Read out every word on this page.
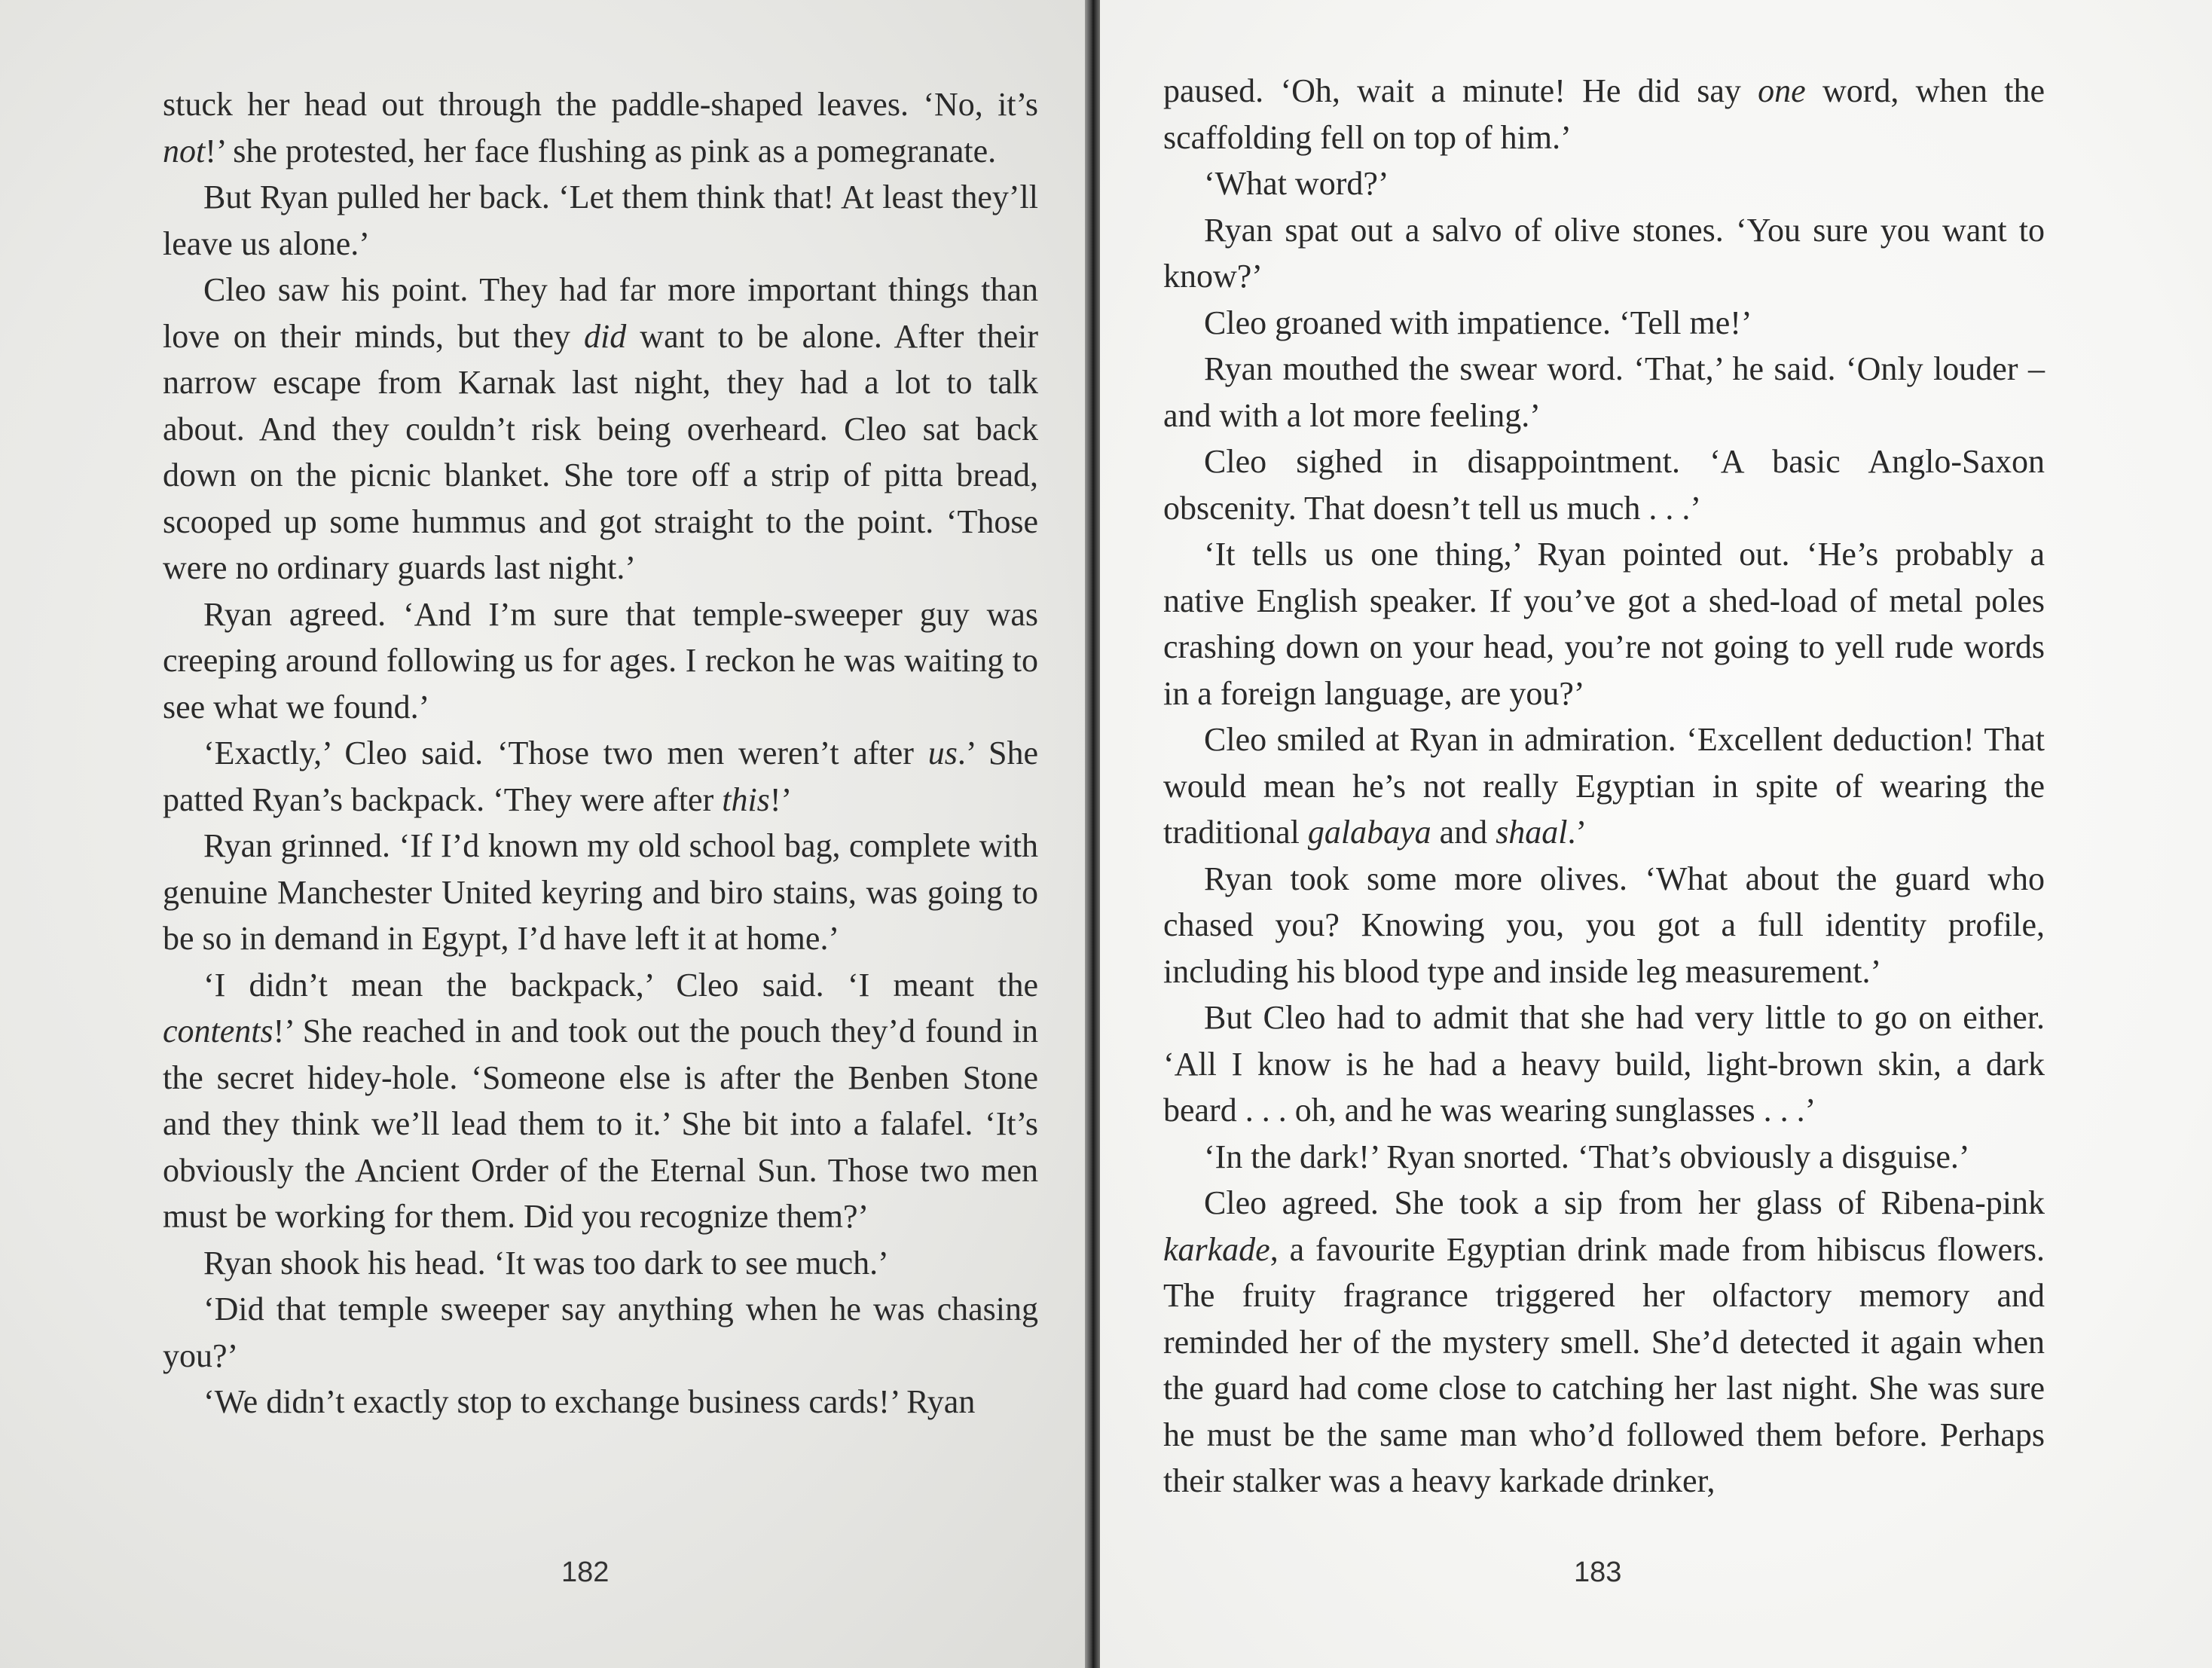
stuck her head out through the paddle-shaped leaves. ‘No, it’s not!’ she protested, her face flushing as pink as a pomegranate.

But Ryan pulled her back. ‘Let them think that! At least they’ll leave us alone.’

Cleo saw his point. They had far more important things than love on their minds, but they did want to be alone. After their narrow escape from Karnak last night, they had a lot to talk about. And they couldn’t risk being overheard. Cleo sat back down on the picnic blanket. She tore off a strip of pitta bread, scooped up some hummus and got straight to the point. ‘Those were no ordinary guards last night.’

Ryan agreed. ‘And I’m sure that temple-sweeper guy was creeping around following us for ages. I reckon he was waiting to see what we found.’

‘Exactly,’ Cleo said. ‘Those two men weren’t after us.’ She patted Ryan’s backpack. ‘They were after this!’

Ryan grinned. ‘If I’d known my old school bag, complete with genuine Manchester United keyring and biro stains, was going to be so in demand in Egypt, I’d have left it at home.’

‘I didn’t mean the backpack,’ Cleo said. ‘I meant the contents!’ She reached in and took out the pouch they’d found in the secret hidey-hole. ‘Someone else is after the Benben Stone and they think we’ll lead them to it.’ She bit into a falafel. ‘It’s obviously the Ancient Order of the Eternal Sun. Those two men must be working for them. Did you recognize them?’

Ryan shook his head. ‘It was too dark to see much.’

‘Did that temple sweeper say anything when he was chasing you?’

‘We didn’t exactly stop to exchange business cards!’ Ryan

182

paused. ‘Oh, wait a minute! He did say one word, when the scaffolding fell on top of him.’

‘What word?’

Ryan spat out a salvo of olive stones. ‘You sure you want to know?’

Cleo groaned with impatience. ‘Tell me!’

Ryan mouthed the swear word. ‘That,’ he said. ‘Only louder – and with a lot more feeling.’

Cleo sighed in disappointment. ‘A basic Anglo-Saxon obscenity. That doesn’t tell us much . . .’

‘It tells us one thing,’ Ryan pointed out. ‘He’s probably a native English speaker. If you’ve got a shed-load of metal poles crashing down on your head, you’re not going to yell rude words in a foreign language, are you?’

Cleo smiled at Ryan in admiration. ‘Excellent deduction! That would mean he’s not really Egyptian in spite of wearing the traditional galabaya and shaal.’

Ryan took some more olives. ‘What about the guard who chased you? Knowing you, you got a full identity profile, including his blood type and inside leg measurement.’

But Cleo had to admit that she had very little to go on either. ‘All I know is he had a heavy build, light-brown skin, a dark beard . . . oh, and he was wearing sunglasses . . .’

‘In the dark!’ Ryan snorted. ‘That’s obviously a disguise.’

Cleo agreed. She took a sip from her glass of Ribena-pink karkade, a favourite Egyptian drink made from hibiscus flowers. The fruity fragrance triggered her olfactory memory and reminded her of the mystery smell. She’d detected it again when the guard had come close to catching her last night. She was sure he must be the same man who’d followed them before. Perhaps their stalker was a heavy karkade drinker,

183
